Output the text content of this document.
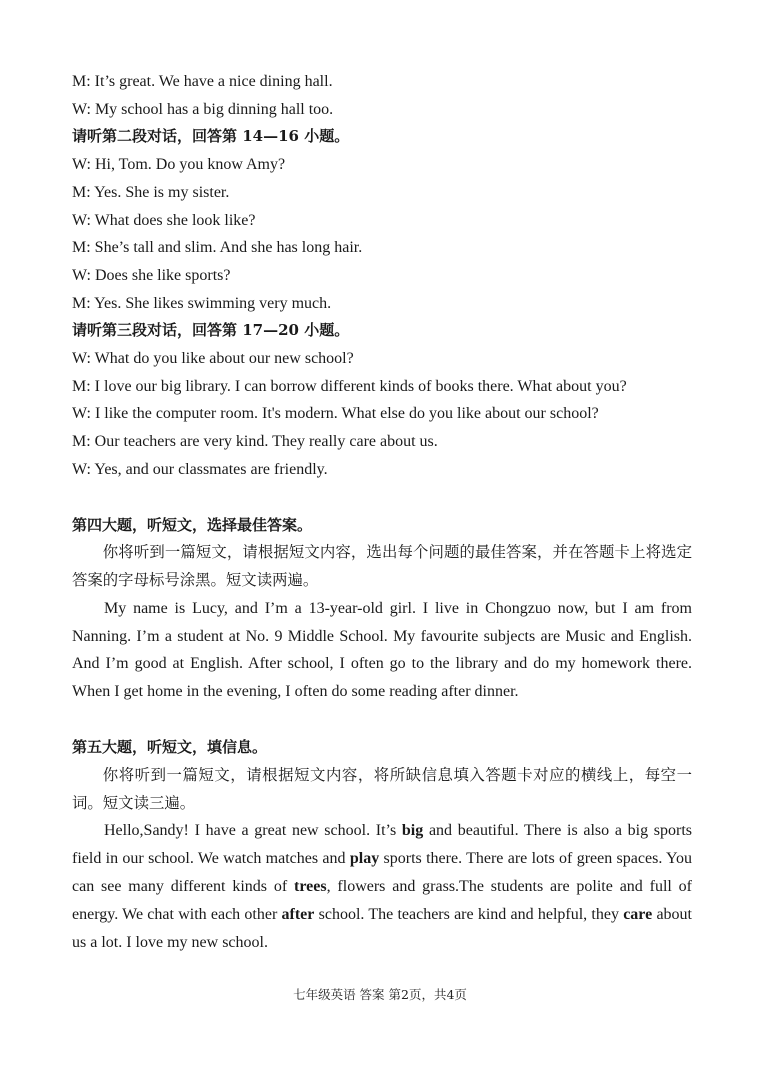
M: It’s great. We have a nice dining hall.
W: My school has a big dinning hall too.
请听第二段对话，回答第 14—16 小题。
W: Hi, Tom. Do you know Amy?
M: Yes. She is my sister.
W: What does she look like?
M: She’s tall and slim. And she has long hair.
W: Does she like sports?
M: Yes. She likes swimming very much.
请听第三段对话，回答第 17—20 小题。
W: What do you like about our new school?
M: I love our big library. I can borrow different kinds of books there. What about you?
W: I like the computer room. It's modern. What else do you like about our school?
M: Our teachers are very kind. They really care about us.
W: Yes, and our classmates are friendly.
第四大题，听短文，选择最佳答案。

你将听到一篇短文，请根据短文内容，选出每个问题的最佳答案，并在答题卡上将选定答案的字母标号涂黑。短文读两遍。

My name is Lucy, and I’m a 13-year-old girl. I live in Chongzuo now, but I am from Nanning. I’m a student at No. 9 Middle School. My favourite subjects are Music and English. And I’m good at English. After school, I often go to the library and do my homework there. When I get home in the evening, I often do some reading after dinner.

第五大题，听短文，填信息。

你将听到一篇短文，请根据短文内容，将所缺信息填入答题卡对应的横线上，每空一词。短文读三遍。

Hello,Sandy! I have a great new school. It’s big and beautiful. There is also a big sports field in our school. We watch matches and play sports there. There are lots of green spaces. You can see many different kinds of trees, flowers and grass.The students are polite and full of energy. We chat with each other after school. The teachers are kind and helpful, they care about us a lot. I love my new school.

七年级英语 答案 第2页，共4页
